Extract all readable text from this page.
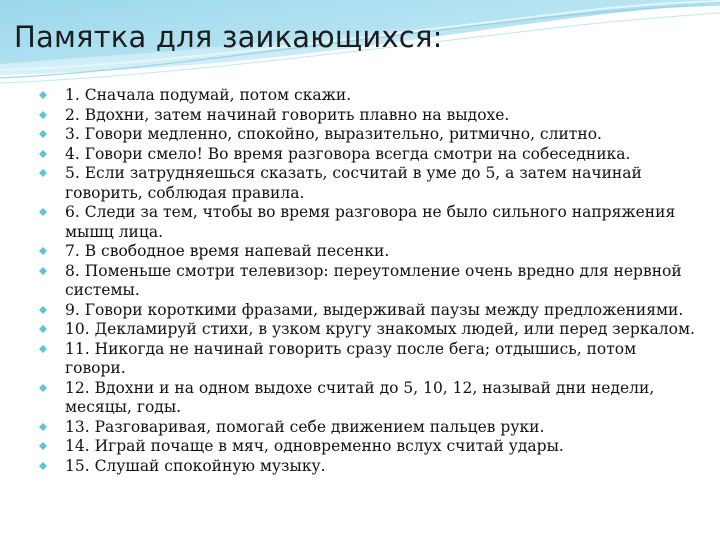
Памятка для заикающихся:
1. Сначала подумай, потом скажи.
2. Вдохни, затем начинай говорить плавно на выдохе.
3. Говори медленно, спокойно, выразительно, ритмично, слитно.
4. Говори смело! Во время разговора всегда смотри на собеседника.
5. Если затрудняешься сказать, сосчитай в уме до 5, а затем начинай говорить, соблюдая правила.
6. Следи за тем, чтобы во время разговора не было сильного напряжения мышц лица.
7. В свободное время напевай песенки.
8. Поменьше смотри телевизор: переутомление очень вредно для нервной системы.
9. Говори короткими фразами, выдерживай паузы между предложениями.
10. Декламируй стихи, в узком кругу знакомых людей, или перед зеркалом.
11. Никогда не начинай говорить сразу после бега; отдышись, потом говори.
12. Вдохни и на одном выдохе считай до 5, 10, 12, называй дни недели, месяцы, годы.
13. Разговаривая, помогай себе движением пальцев руки.
14. Играй почаще в мяч, одновременно вслух считай удары.
15. Слушай спокойную музыку.
